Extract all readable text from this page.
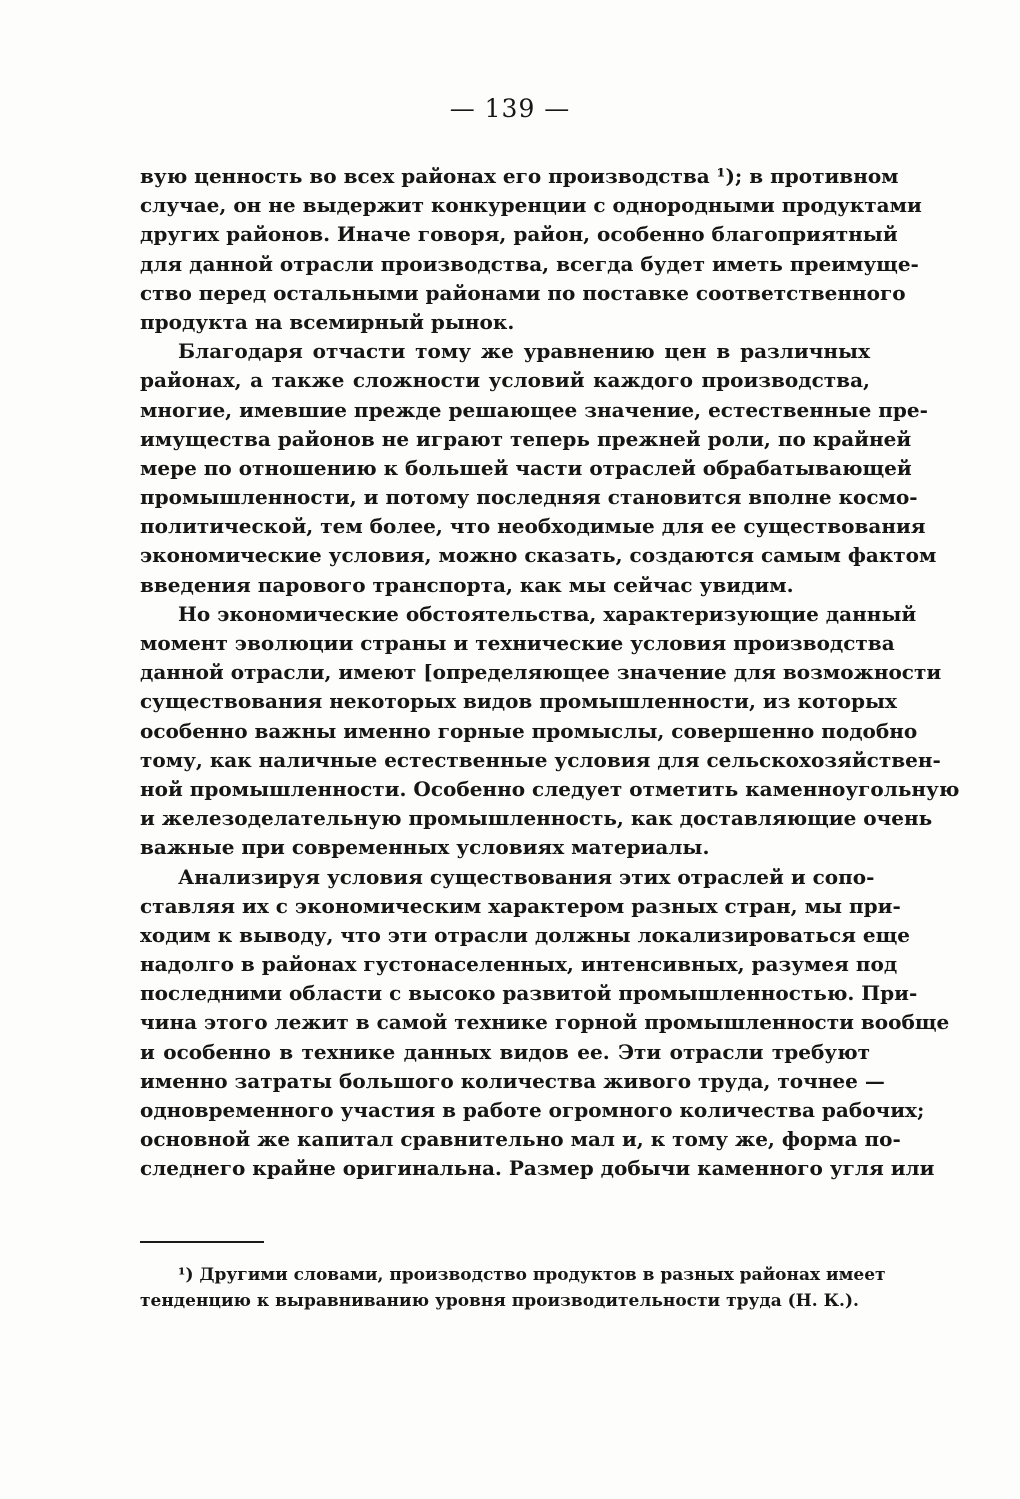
— 139 —
вую ценность во всех районах его производства ¹); в противном
случае, он не выдержит конкуренции с однородными продуктами
других районов. Иначе говоря, район, особенно благоприятный
для данной отрасли производства, всегда будет иметь преимуще-
ство перед остальными районами по поставке соответственного
продукта на всемирный рынок.
Благодаря отчасти тому же уравнению цен в различных
районах, а также сложности условий каждого производства,
многие, имевшие прежде решающее значение, естественные пре-
имущества районов не играют теперь прежней роли, по крайней
мере по отношению к большей части отраслей обрабатывающей
промышленности, и потому последняя становится вполне космо-
политической, тем более, что необходимые для ее существования
экономические условия, можно сказать, создаются самым фактом
введения парового транспорта, как мы сейчас увидим.
Но экономические обстоятельства, характеризующие данный
момент эволюции страны и технические условия производства
данной отрасли, имеют [определяющее значение для возможности
существования некоторых видов промышленности, из которых
особенно важны именно горные промыслы, совершенно подобно
тому, как наличные естественные условия для сельскохозяйствен-
ной промышленности. Особенно следует отметить каменноугольную
и железоделательную промышленность, как доставляющие очень
важные при современных условиях материалы.
Анализируя условия существования этих отраслей и сопо-
ставляя их с экономическим характером разных стран, мы при-
ходим к выводу, что эти отрасли должны локализироваться еще
надолго в районах густонаселенных, интенсивных, разумея под
последними области с высоко развитой промышленностью. При-
чина этого лежит в самой технике горной промышленности вообще
и особенно в технике данных видов ее. Эти отрасли требуют
именно затраты большого количества живого труда, точнее —
одновременного участия в работе огромного количества рабочих;
основной же капитал сравнительно мал и, к тому же, форма по-
следнего крайне оригинальна. Размер добычи каменного угля или
¹) Другими словами, производство продуктов в разных районах имеет
тенденцию к выравниванию уровня производительности труда (Н. К.).
